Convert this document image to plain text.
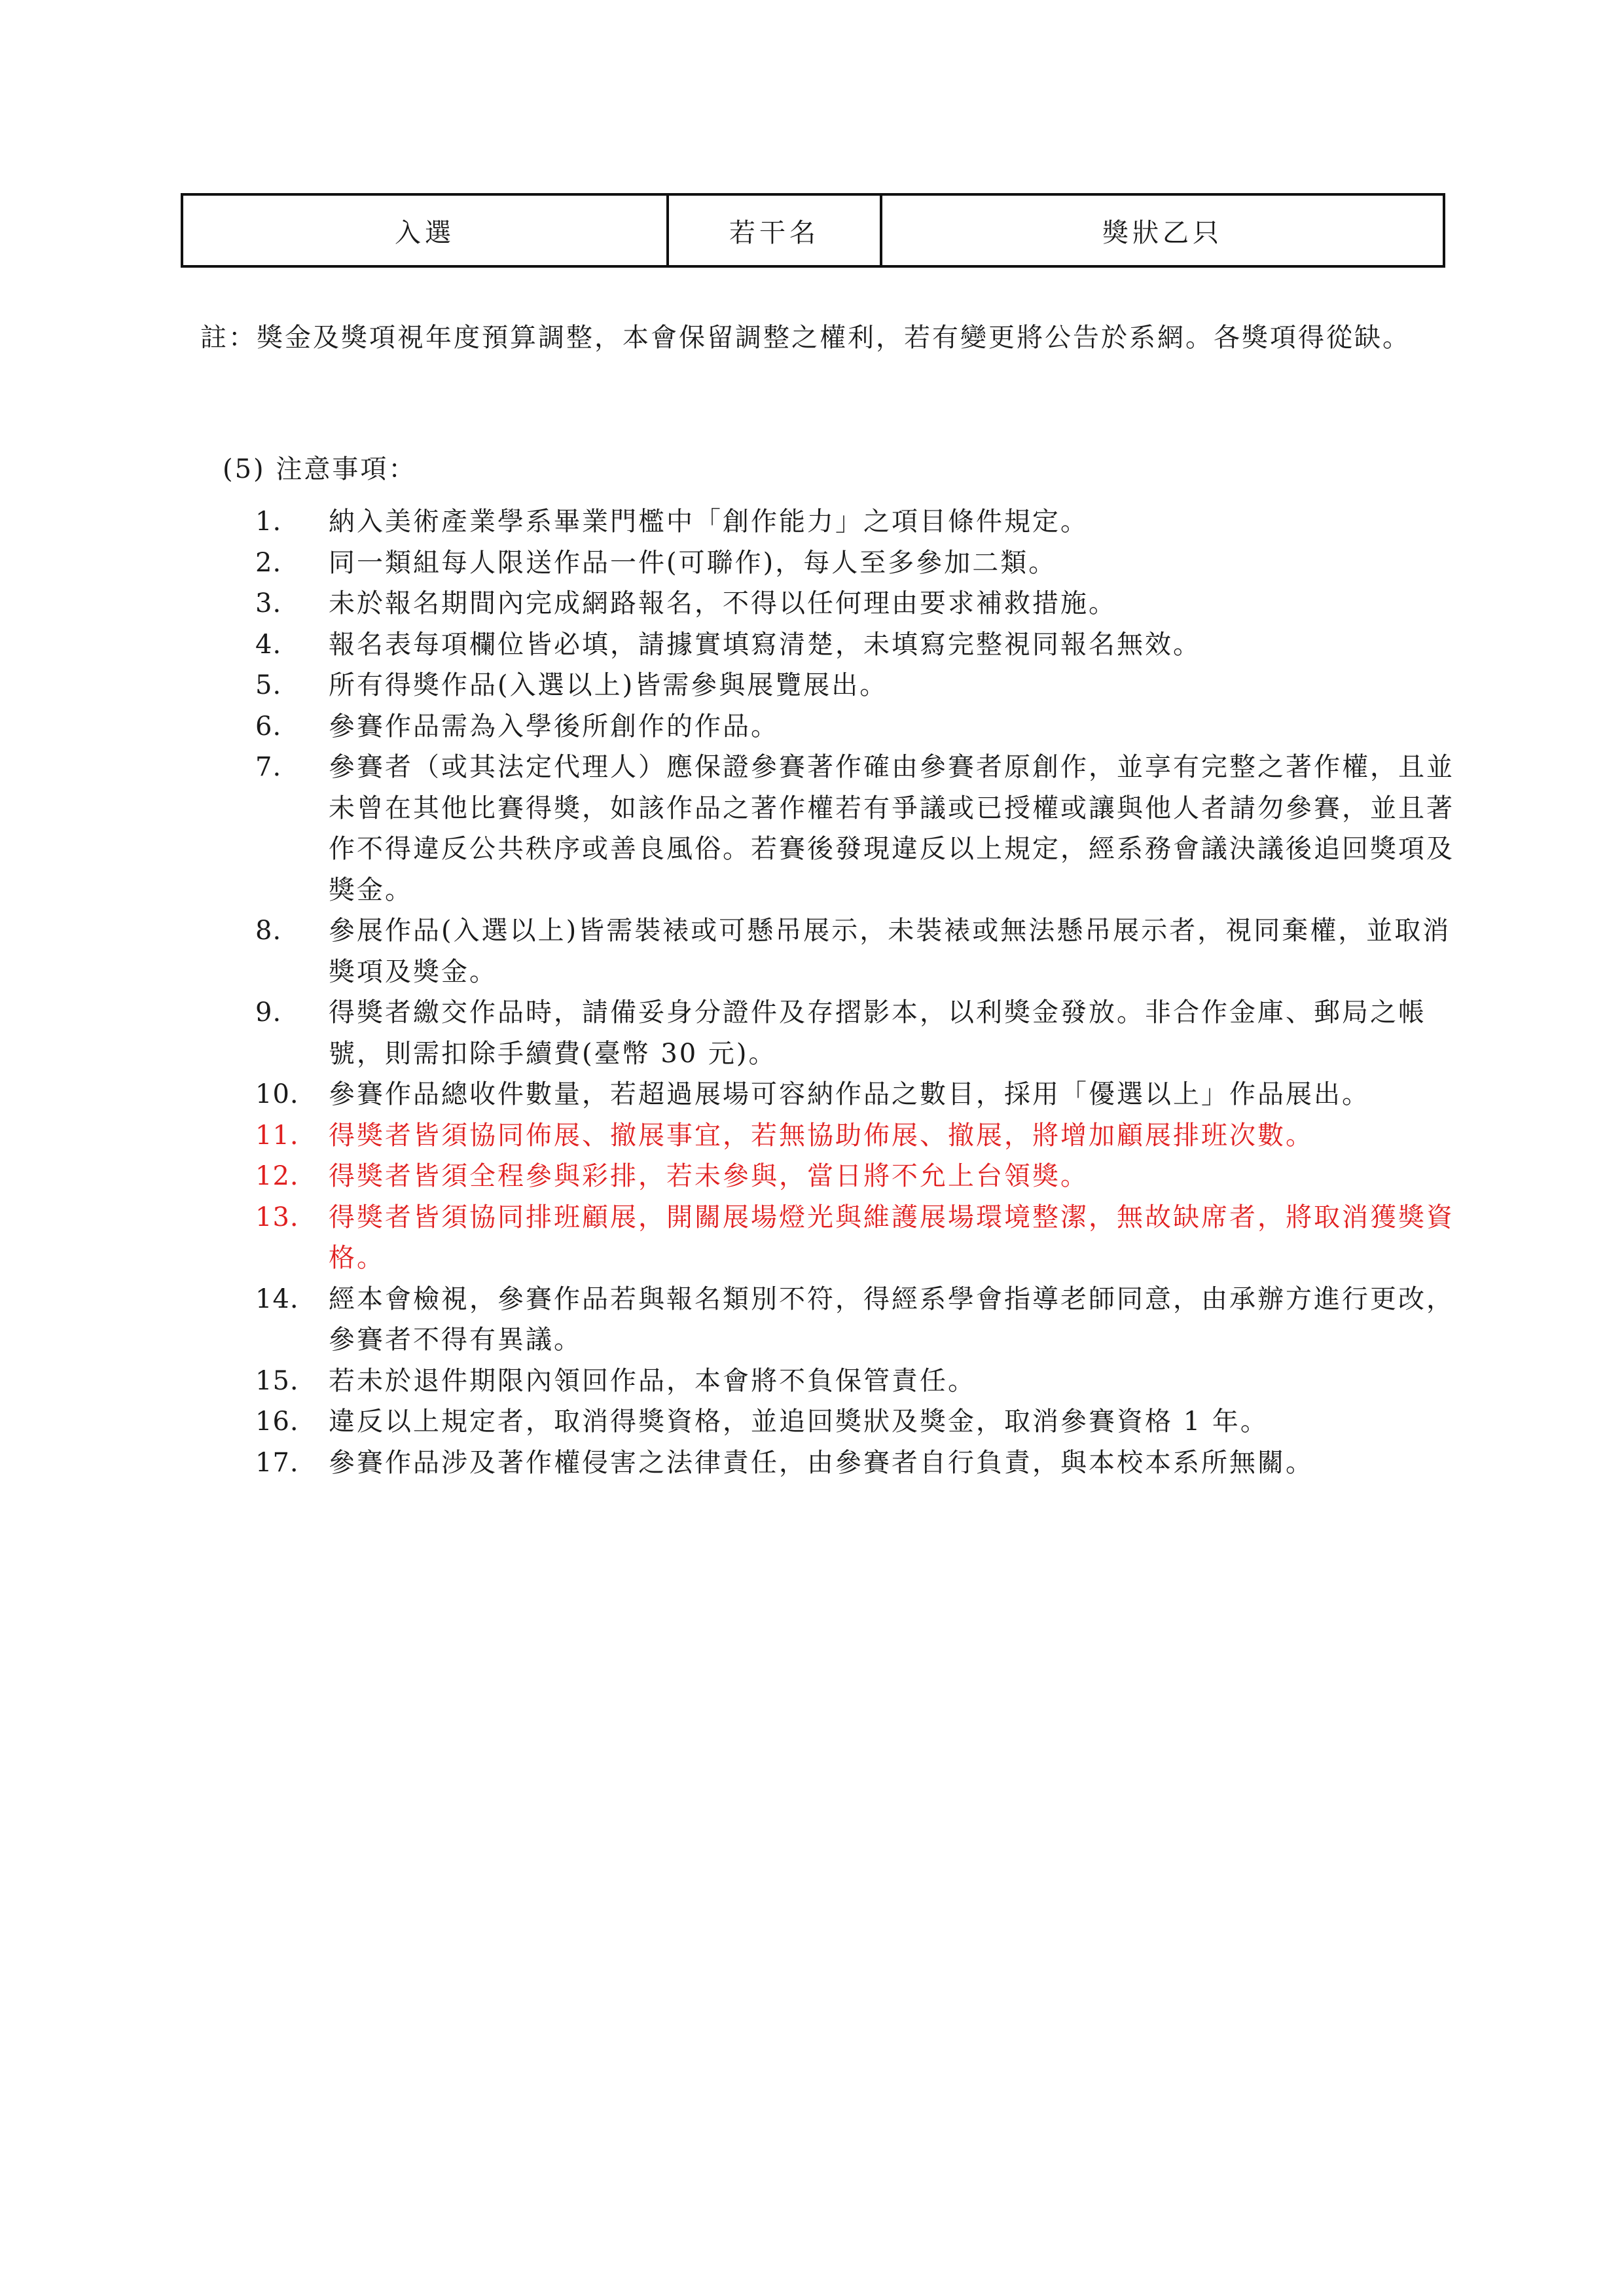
入選	若干名	獎狀乙只

註：獎金及獎項視年度預算調整，本會保留調整之權利，若有變更將公告於系網。各獎項得從缺。

(5) 注意事項：

1. 納入美術產業學系畢業門檻中「創作能力」之項目條件規定。
2. 同一類組每人限送作品一件(可聯作)，每人至多參加二類。
3. 未於報名期間內完成網路報名，不得以任何理由要求補救措施。
4. 報名表每項欄位皆必填，請據實填寫清楚，未填寫完整視同報名無效。
5. 所有得獎作品(入選以上)皆需參與展覽展出。
6. 參賽作品需為入學後所創作的作品。
7. 參賽者（或其法定代理人）應保證參賽著作確由參賽者原創作，並享有完整之著作權，且並未曾在其他比賽得獎，如該作品之著作權若有爭議或已授權或讓與他人者請勿參賽，並且著作不得違反公共秩序或善良風俗。若賽後發現違反以上規定，經系務會議決議後追回獎項及獎金。
8. 參展作品(入選以上)皆需裝裱或可懸吊展示，未裝裱或無法懸吊展示者，視同棄權，並取消獎項及獎金。
9. 得獎者繳交作品時，請備妥身分證件及存摺影本，以利獎金發放。非合作金庫、郵局之帳號，則需扣除手續費(臺幣 30 元)。
10. 參賽作品總收件數量，若超過展場可容納作品之數目，採用「優選以上」作品展出。
11. 得獎者皆須協同佈展、撤展事宜，若無協助佈展、撤展，將增加顧展排班次數。
12. 得獎者皆須全程參與彩排，若未參與，當日將不允上台領獎。
13. 得獎者皆須協同排班顧展，開關展場燈光與維護展場環境整潔，無故缺席者，將取消獲獎資格。
14. 經本會檢視，參賽作品若與報名類別不符，得經系學會指導老師同意，由承辦方進行更改，參賽者不得有異議。
15. 若未於退件期限內領回作品，本會將不負保管責任。
16. 違反以上規定者，取消得獎資格，並追回獎狀及獎金，取消參賽資格 1 年。
17. 參賽作品涉及著作權侵害之法律責任，由參賽者自行負責，與本校本系所無關。
